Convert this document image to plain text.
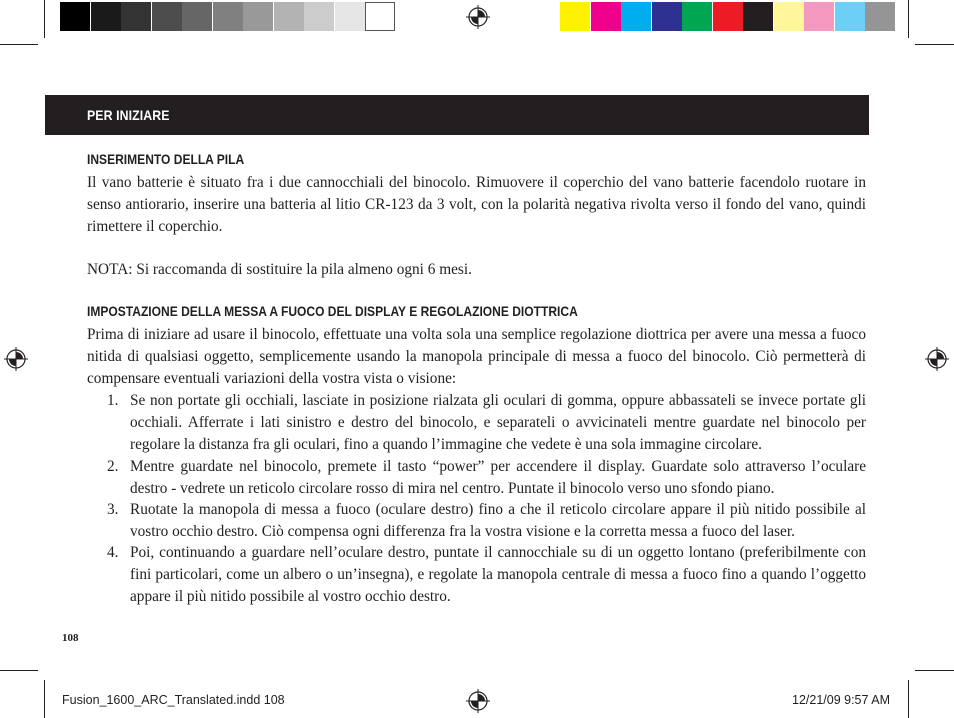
PER INIZIARE
INSERIMENTO DELLA PILA
Il vano batterie è situato fra i due cannocchiali del binocolo. Rimuovere il coperchio del vano batterie facendolo ruotare in senso antiorario, inserire una batteria al litio CR-123 da 3 volt, con la polarità negativa rivolta verso il fondo del vano, quindi rimettere il coperchio.
NOTA: Si raccomanda di sostituire la pila almeno ogni 6 mesi.
IMPOSTAZIONE DELLA MESSA A FUOCO DEL DISPLAY E REGOLAZIONE DIOTTRICA
Prima di iniziare ad usare il binocolo, effettuate una volta sola una semplice regolazione diottrica per avere una messa a fuoco nitida di qualsiasi oggetto, semplicemente usando la manopola principale di messa a fuoco del binocolo. Ciò permetterà di compensare eventuali variazioni della vostra vista o visione:
1. Se non portate gli occhiali, lasciate in posizione rialzata gli oculari di gomma, oppure abbassateli se invece portate gli occhiali. Afferrate i lati sinistro e destro del binocolo, e separateli o avvicinateli mentre guardate nel binocolo per regolare la distanza fra gli oculari, fino a quando l’immagine che vedete è una sola immagine circolare.
2. Mentre guardate nel binocolo, premete il tasto “power” per accendere il display. Guardate solo attraverso l’oculare destro - vedrete un reticolo circolare rosso di mira nel centro. Puntate il binocolo verso uno sfondo piano.
3. Ruotate la manopola di messa a fuoco (oculare destro) fino a che il reticolo circolare appare il più nitido possibile al vostro occhio destro. Ciò compensa ogni differenza fra la vostra visione e la corretta messa a fuoco del laser.
4. Poi, continuando a guardare nell’oculare destro, puntate il cannocchiale su di un oggetto lontano (preferibilmente con fini particolari, come un albero o un’insegna), e regolate la manopola centrale di messa a fuoco fino a quando l’oggetto appare il più nitido possibile al vostro occhio destro.
108
Fusion_1600_ARC_Translated.indd 108	12/21/09 9:57 AM
